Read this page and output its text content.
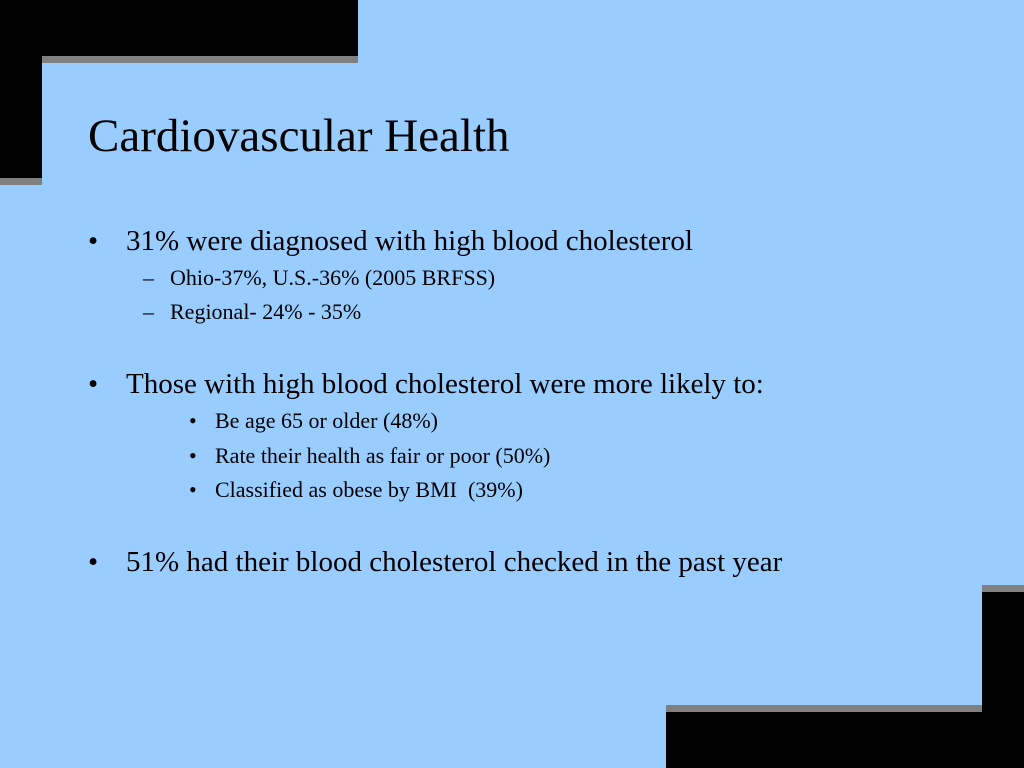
Cardiovascular Health
• 31% were diagnosed with high blood cholesterol
– Ohio-37%, U.S.-36% (2005 BRFSS)
– Regional- 24% - 35%
• Those with high blood cholesterol were more likely to:
• Be age 65 or older (48%)
• Rate their health as fair or poor (50%)
• Classified as obese by BMI  (39%)
• 51% had their blood cholesterol checked in the past year
